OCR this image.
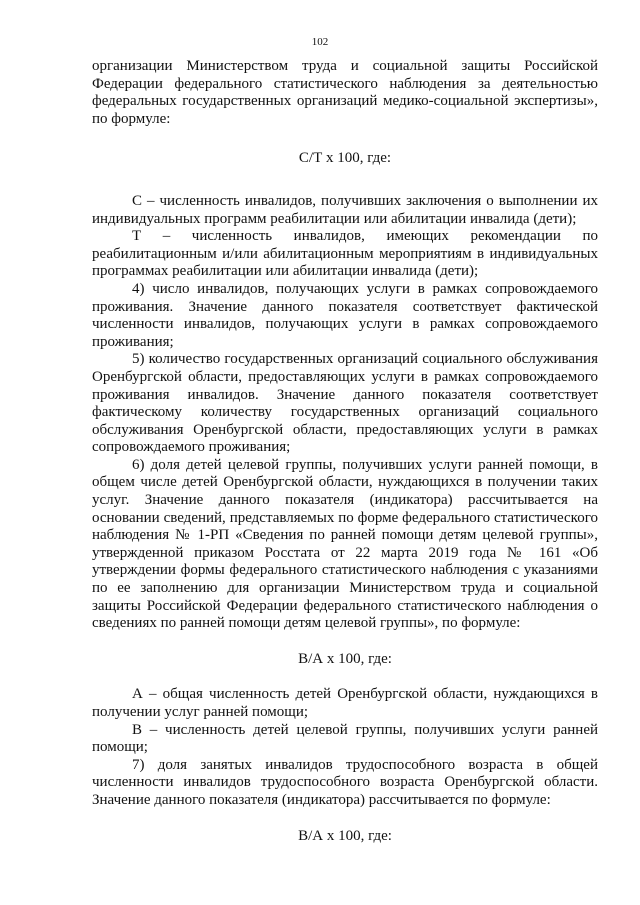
102

организации Министерством труда и социальной защиты Российской Федерации федерального статистического наблюдения за деятельностью федеральных государственных организаций медико-социальной экспертизы», по формуле:

С/Т х 100, где:

С – численность инвалидов, получивших заключения о выполнении их индивидуальных программ реабилитации или абилитации инвалида (дети);

Т – численность инвалидов, имеющих рекомендации по реабилитационным и/или абилитационным мероприятиям в индивидуальных программах реабилитации или абилитации инвалида (дети);

4) число инвалидов, получающих услуги в рамках сопровождаемого проживания. Значение данного показателя соответствует фактической численности инвалидов, получающих услуги в рамках сопровождаемого проживания;

5) количество государственных организаций социального обслуживания Оренбургской области, предоставляющих услуги в рамках сопровождаемого проживания инвалидов. Значение данного показателя соответствует фактическому количеству государственных организаций социального обслуживания Оренбургской области, предоставляющих услуги в рамках сопровождаемого проживания;

6) доля детей целевой группы, получивших услуги ранней помощи, в общем числе детей Оренбургской области, нуждающихся в получении таких услуг. Значение данного показателя (индикатора) рассчитывается на основании сведений, представляемых по форме федерального статистического наблюдения № 1-РП «Сведения по ранней помощи детям целевой группы», утвержденной приказом Росстата от 22 марта 2019 года № 161 «Об утверждении формы федерального статистического наблюдения с указаниями по ее заполнению для организации Министерством труда и социальной защиты Российской Федерации федерального статистического наблюдения о сведениях по ранней помощи детям целевой группы», по формуле:

В/А х 100, где:

А – общая численность детей Оренбургской области, нуждающихся в получении услуг ранней помощи;

В – численность детей целевой группы, получивших услуги ранней помощи;

7) доля занятых инвалидов трудоспособного возраста в общей численности инвалидов трудоспособного возраста Оренбургской области. Значение данного показателя (индикатора) рассчитывается по формуле:

В/А х 100, где:
